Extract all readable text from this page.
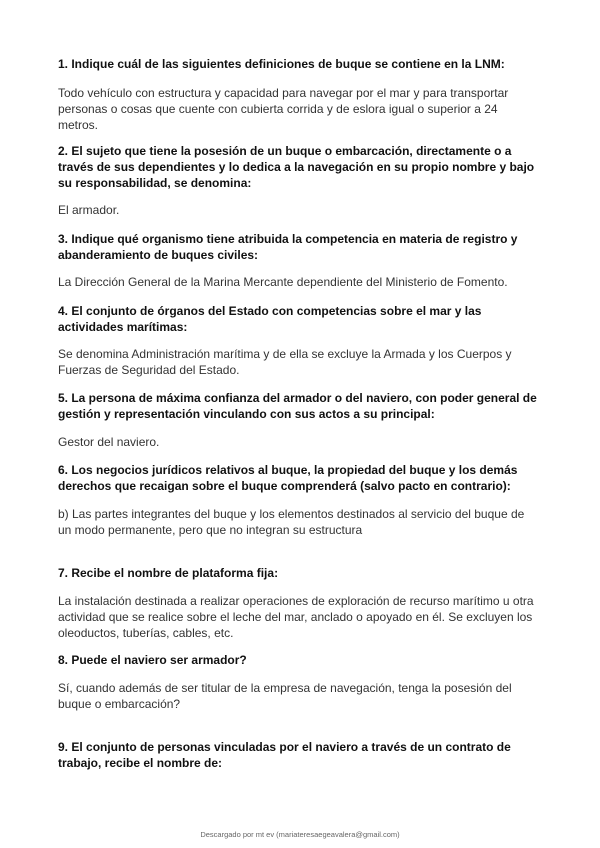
1. Indique cuál de las siguientes definiciones de buque se contiene en la LNM:

Todo vehículo con estructura y capacidad para navegar por el mar y para transportar personas o cosas que cuente con cubierta corrida y de eslora igual o superior a 24 metros.

2. El sujeto que tiene la posesión de un buque o embarcación, directamente o a través de sus dependientes y lo dedica a la navegación en su propio nombre y bajo su responsabilidad, se denomina:

El armador.

3. Indique qué organismo tiene atribuida la competencia en materia de registro y abanderamiento de buques civiles:

La Dirección General de la Marina Mercante dependiente del Ministerio de Fomento.

4. El conjunto de órganos del Estado con competencias sobre el mar y las actividades marítimas:

Se denomina Administración marítima y de ella se excluye la Armada y los Cuerpos y Fuerzas de Seguridad del Estado.

5. La persona de máxima confianza del armador o del naviero, con poder general de gestión y representación vinculando con sus actos a su principal:

Gestor del naviero.

6. Los negocios jurídicos relativos al buque, la propiedad del buque y los demás derechos que recaigan sobre el buque comprenderá (salvo pacto en contrario):

b) Las partes integrantes del buque y los elementos destinados al servicio del buque de un modo permanente, pero que no integran su estructura

7. Recibe el nombre de plataforma fija:

La instalación destinada a realizar operaciones de exploración de recurso marítimo u otra actividad que se realice sobre el leche del mar, anclado o apoyado en él. Se excluyen los oleoductos, tuberías, cables, etc.

8. Puede el naviero ser armador?

Sí, cuando además de ser titular de la empresa de navegación, tenga la posesión del buque o embarcación?

9. El conjunto de personas vinculadas por el naviero a través de un contrato de trabajo, recibe el nombre de:

Descargado por mt ev (mariateresaegeavalera@gmail.com)
